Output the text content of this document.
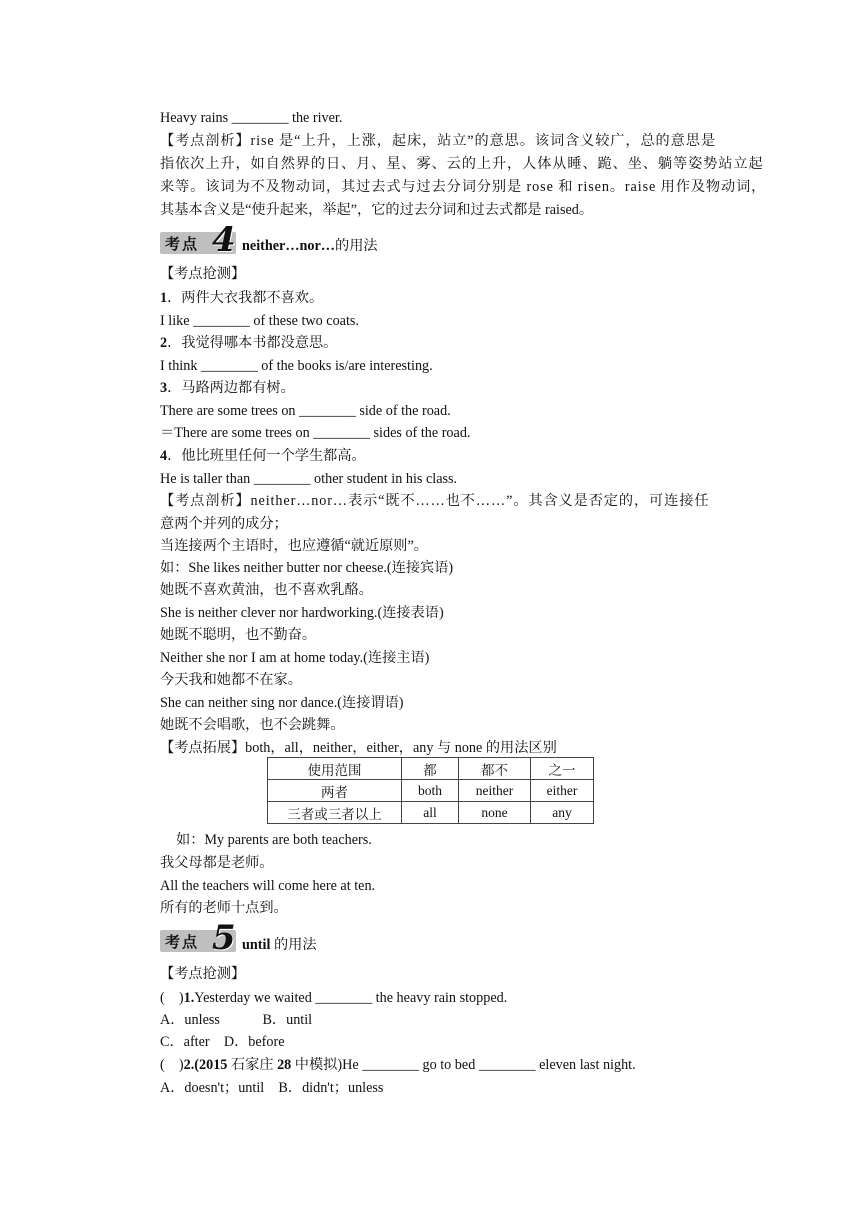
Heavy rains ________ the river.
【考点剖析】rise 是“上升，上涨，起床，站立”的意思。该词含义较广，总的意思是
指依次上升，如自然界的日、月、星、雾、云的上升，人体从睡、跪、坐、躺等姿势站立起
来等。该词为不及物动词，其过去式与过去分词分别是 rose 和 risen。raise 用作及物动词，
其基本含义是“使升起来，举起”，它的过去分词和过去式都是 raised。
考点 4 neither…nor…的用法
【考点抢测】
1．两件大衣我都不喜欢。
I like ________ of these two coats.
2．我觉得哪本书都没意思。
I think ________ of the books is/are interesting.
3．马路两边都有树。
There are some trees on ________ side of the road.
＝There are some trees on ________ sides of the road.
4．他比班里任何一个学生都高。
He is taller than ________ other student in his class.
【考点剖析】neither…nor…表示“既不……也不……”。其含义是否定的，可连接任
意两个并列的成分；
当连接两个主语时，也应遵循“就近原则”。
如：She likes neither butter nor cheese.(连接宾语)
她既不喜欢黄油，也不喜欢乳酪。
She is neither clever nor hardworking.(连接表语)
她既不聪明，也不勤奋。
Neither she nor I am at home today.(连接主语)
今天我和她都不在家。
She can neither sing nor dance.(连接谓语)
她既不会唱歌，也不会跳舞。
【考点拓展】both，all，neither，either，any 与 none 的用法区别
使用范围	都	都不	之一
两者	both	neither	either
三者或三者以上	all	none	any
如：My parents are both teachers.
我父母都是老师。
All the teachers will come here at ten.
所有的老师十点到。
考点 5 until 的用法
【考点抢测】
(　)1.Yesterday we waited ________ the heavy rain stopped.
A．unless　　　B．until
C．after　D．before
(　)2.(2015 石家庄 28 中模拟)He ________ go to bed ________ eleven last night.
A．doesn't；until　B．didn't；unless
